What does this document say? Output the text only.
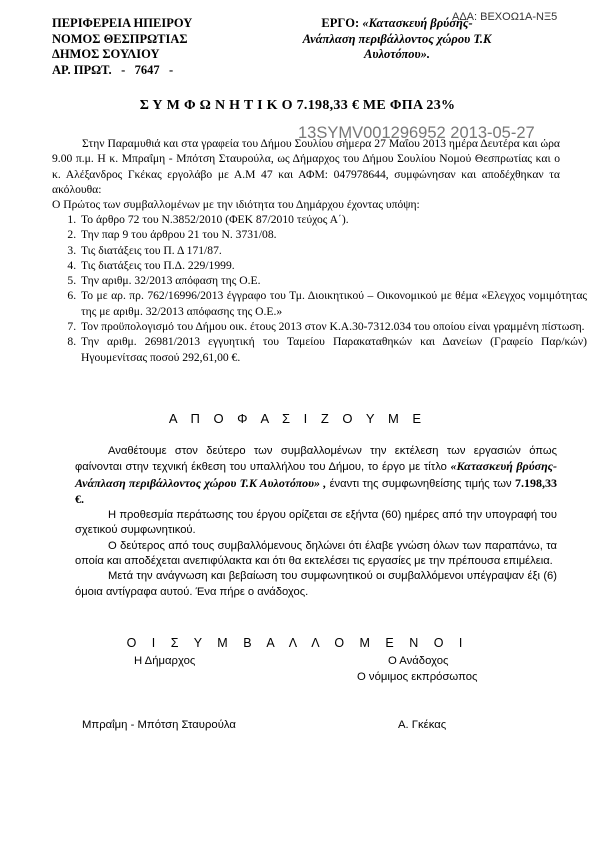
ΑΔΑ: ΒΕΧΟΩ1Α-ΝΞ5
ΠΕΡΙΦΕΡΕΙΑ ΗΠΕΙΡΟΥ
ΝΟΜΟΣ ΘΕΣΠΡΩΤΙΑΣ
ΔΗΜΟΣ ΣΟΥΛΙΟΥ
ΑΡ. ΠΡΩΤ. - 7647 -
ΕΡΓΟ: «Κατασκευή βρύσης-
Ανάπλαση περιβάλλοντος χώρου Τ.Κ
Αυλοτόπου».
Σ Υ Μ Φ Ω Ν Η Τ Ι Κ Ο 7.198,33 € ΜΕ ΦΠΑ 23%
13SYMV001296952 2013-05-27
Στην Παραμυθιά και στα γραφεία του Δήμου Σουλίου σήμερα 27 Μαΐου 2013 ημέρα Δευτέρα και ώρα 9.00 π.μ. Η κ. Μπραΐμη - Μπότση Σταυρούλα, ως Δήμαρχος του Δήμου Σουλίου Νομού Θεσπρωτίας και ο κ. Αλέξανδρος Γκέκας εργολάβο με Α.Μ 47 και ΑΦΜ: 047978644, συμφώνησαν και αποδέχθηκαν τα ακόλουθα:
Ο Πρώτος των συμβαλλομένων με την ιδιότητα του Δημάρχου έχοντας υπόψη:
1. Το άρθρο 72 του Ν.3852/2010 (ΦΕΚ 87/2010 τεύχος Α΄).
2. Την παρ 9 του άρθρου 21 του Ν. 3731/08.
3. Τις διατάξεις του Π. Δ 171/87.
4. Τις διατάξεις του Π.Δ. 229/1999.
5. Την αριθμ. 32/2013 απόφαση της Ο.Ε.
6. Το με αρ. πρ. 762/16996/2013 έγγραφο του Τμ. Διοικητικού – Οικονομικού με θέμα «Ελεγχος νομιμότητας της με αριθμ. 32/2013 απόφασης της Ο.Ε.»
7. Τον προϋπολογισμό του Δήμου οικ. έτους 2013 στον Κ.Α.30-7312.034 του οποίου είναι γραμμένη πίστωση.
8. Την αριθμ. 26981/2013 εγγυητική του Ταμείου Παρακαταθηκών και Δανείων (Γραφείο Παρ/κών) Ηγουμενίτσας ποσού 292,61,00 €.
Α Π Ο Φ Α Σ Ι Ζ Ο Υ Μ Ε

Αναθέτουμε στον δεύτερο των συμβαλλομένων την εκτέλεση των εργασιών όπως φαίνονται στην τεχνική έκθεση του υπαλλήλου του Δήμου, το έργο με τίτλο «Κατασκευή βρύσης-Ανάπλαση περιβάλλοντος χώρου Τ.Κ Αυλοτόπου» , έναντι της συμφωνηθείσης τιμής των 7.198,33 €.

Η προθεσμία περάτωσης του έργου ορίζεται σε εξήντα (60) ημέρες από την υπογραφή του σχετικού συμφωνητικού.

Ο δεύτερος από τους συμβαλλόμενους δηλώνει ότι έλαβε γνώση όλων των παραπάνω, τα οποία και αποδέχεται ανεπιφύλακτα και ότι θα εκτελέσει τις εργασίες με την πρέπουσα επιμέλεια.

Μετά την ανάγνωση και βεβαίωση του συμφωνητικού οι συμβαλλόμενοι υπέγραψαν έξι (6) όμοια αντίγραφα αυτού. Ένα πήρε ο ανάδοχος.

Ο Ι Σ Υ Μ Β Α Λ Λ Ο Μ Ε Ν Ο Ι
Η Δήμαρχος	Ο Ανάδοχος
Ο νόμιμος εκπρόσωπος
Μπραΐμη - Μπότση Σταυρούλα	Α. Γκέκας
